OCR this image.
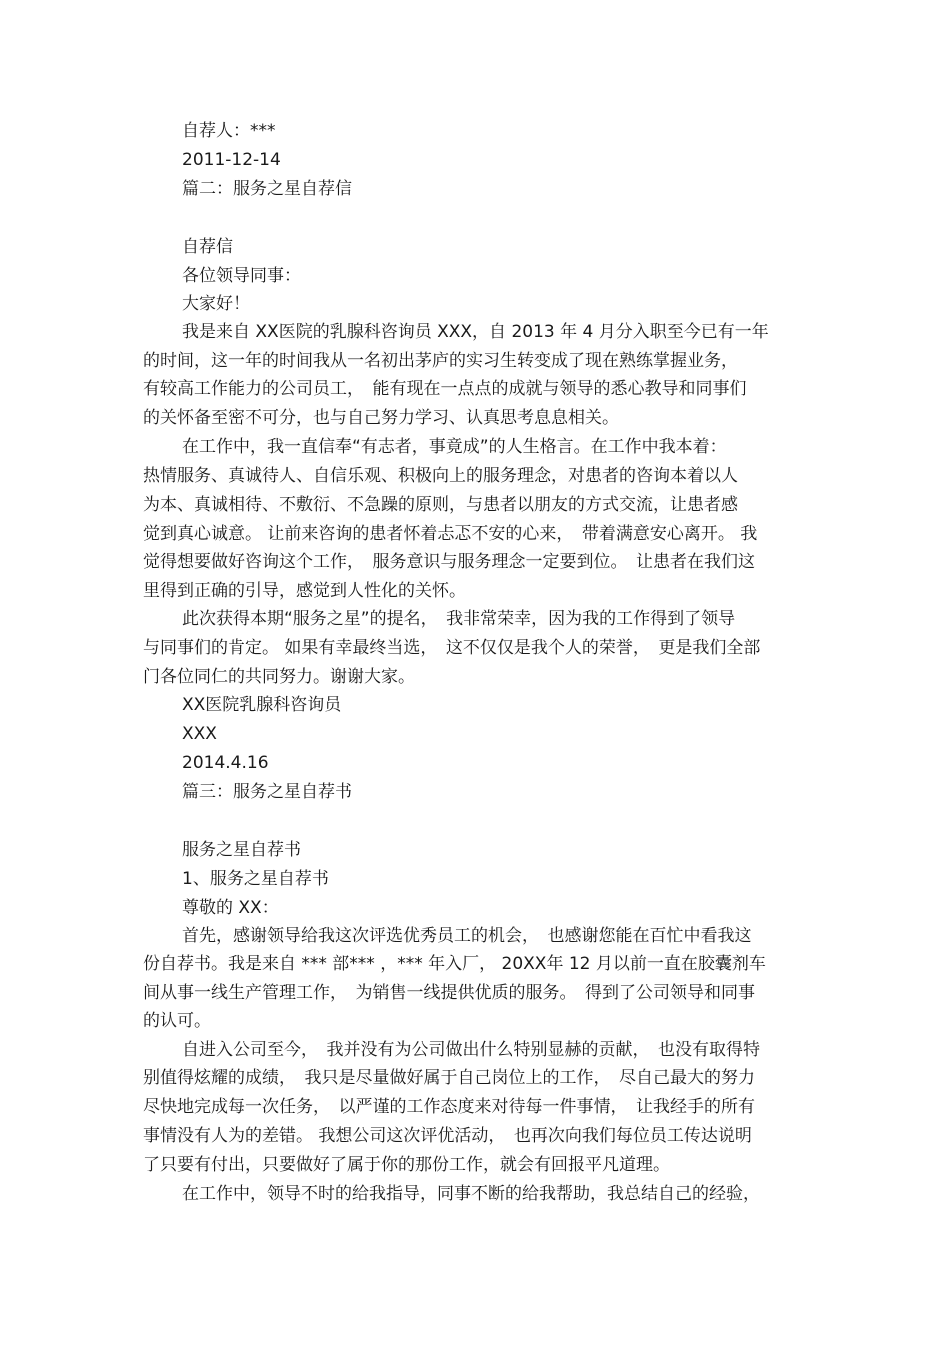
自荐人：***
2011-12-14
篇二：服务之星自荐信
自荐信
各位领导同事：
大家好！
我是来自 XX医院的乳腺科咨询员 XXX，自 2013 年 4 月分入职至今已有一年
的时间，这一年的时间我从一名初出茅庐的实习生转变成了现在熟练掌握业务，
有较高工作能力的公司员工，　能有现在一点点的成就与领导的悉心教导和同事们
的关怀备至密不可分，也与自己努力学习、认真思考息息相关。
在工作中，我一直信奉“有志者，事竟成”的人生格言。在工作中我本着：
热情服务、真诚待人、自信乐观、积极向上的服务理念，对患者的咨询本着以人
为本、真诚相待、不敷衍、不急躁的原则，与患者以朋友的方式交流，让患者感
觉到真心诚意。 让前来咨询的患者怀着忐忑不安的心来，　带着满意安心离开。 我
觉得想要做好咨询这个工作，　服务意识与服务理念一定要到位。　让患者在我们这
里得到正确的引导，感觉到人性化的关怀。
此次获得本期“服务之星”的提名，　我非常荣幸，因为我的工作得到了领导
与同事们的肯定。 如果有幸最终当选，　这不仅仅是我个人的荣誉，　更是我们全部
门各位同仁的共同努力。谢谢大家。
XX医院乳腺科咨询员
XXX
2014.4.16
篇三：服务之星自荐书
服务之星自荐书
1、服务之星自荐书
尊敬的 XX：
首先，感谢领导给我这次评选优秀员工的机会，　也感谢您能在百忙中看我这
份自荐书。我是来自 *** 部*** ，*** 年入厂， 20XX年 12 月以前一直在胶囊剂车
间从事一线生产管理工作，　为销售一线提供优质的服务。　得到了公司领导和同事
的认可。
自进入公司至今，　我并没有为公司做出什么特别显赫的贡献，　也没有取得特
别值得炫耀的成绩，　我只是尽量做好属于自己岗位上的工作，　尽自己最大的努力
尽快地完成每一次任务，　以严谨的工作态度来对待每一件事情，　让我经手的所有
事情没有人为的差错。 我想公司这次评优活动，　也再次向我们每位员工传达说明
了只要有付出，只要做好了属于你的那份工作，就会有回报平凡道理。
在工作中，领导不时的给我指导，同事不断的给我帮助，我总结自己的经验，
